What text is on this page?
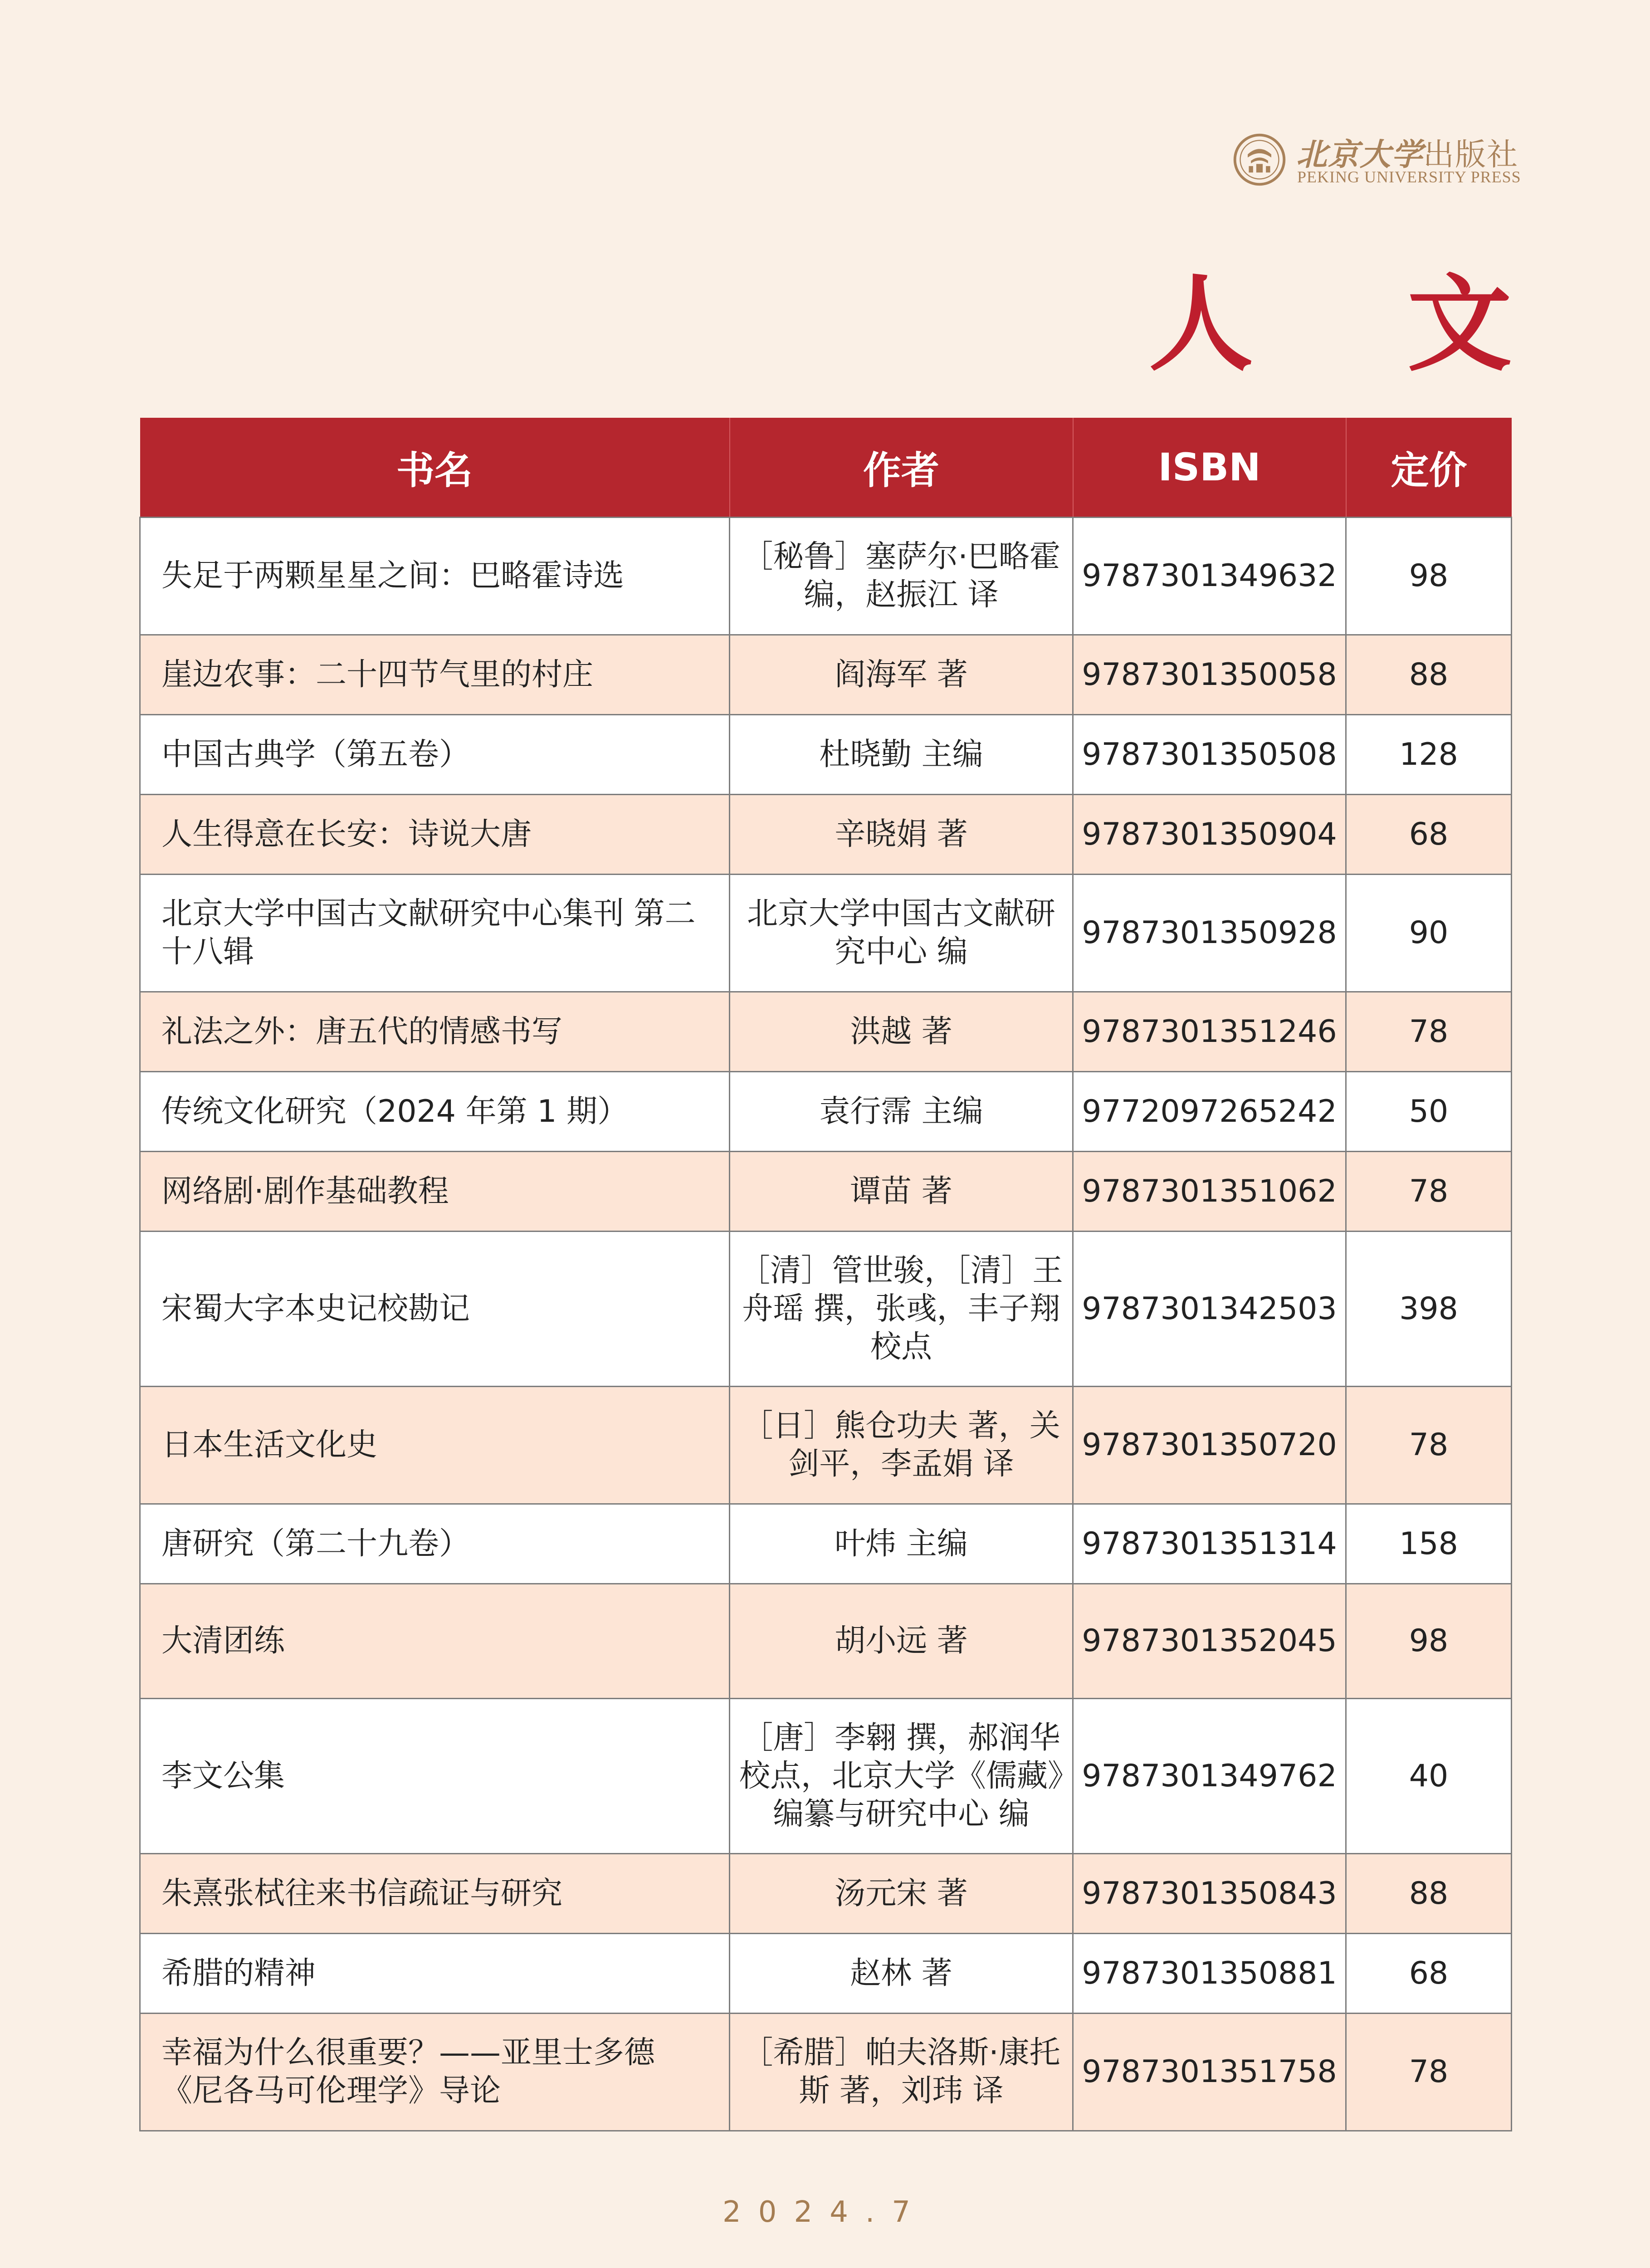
北京大学出版社
PEKING UNIVERSITY PRESS
人 文
书名	作者	ISBN	定价
失足于两颗星星之间：巴略霍诗选	［秘鲁］塞萨尔·巴略霍 编，赵振江 译	9787301349632	98
崖边农事：二十四节气里的村庄	阎海军 著	9787301350058	88
中国古典学（第五卷）	杜晓勤 主编	9787301350508	128
人生得意在长安：诗说大唐	辛晓娟 著	9787301350904	68
北京大学中国古文献研究中心集刊 第二十八辑	北京大学中国古文献研究中心 编	9787301350928	90
礼法之外：唐五代的情感书写	洪越 著	9787301351246	78
传统文化研究（2024 年第 1 期）	袁行霈 主编	9772097265242	50
网络剧·剧作基础教程	谭苗 著	9787301351062	78
宋蜀大字本史记校勘记	［清］管世骏，［清］王舟瑶 撰，张彧，丰子翔 校点	9787301342503	398
日本生活文化史	［日］熊仓功夫 著，关剑平，李孟娟 译	9787301350720	78
唐研究（第二十九卷）	叶炜 主编	9787301351314	158
大清团练	胡小远 著	9787301352045	98
李文公集	［唐］李翱 撰，郝润华 校点，北京大学《儒藏》编纂与研究中心 编	9787301349762	40
朱熹张栻往来书信疏证与研究	汤元宋 著	9787301350843	88
希腊的精神	赵林 著	9787301350881	68
幸福为什么很重要？——亚里士多德《尼各马可伦理学》导论	［希腊］帕夫洛斯·康托斯 著，刘玮 译	9787301351758	78
2024.7
